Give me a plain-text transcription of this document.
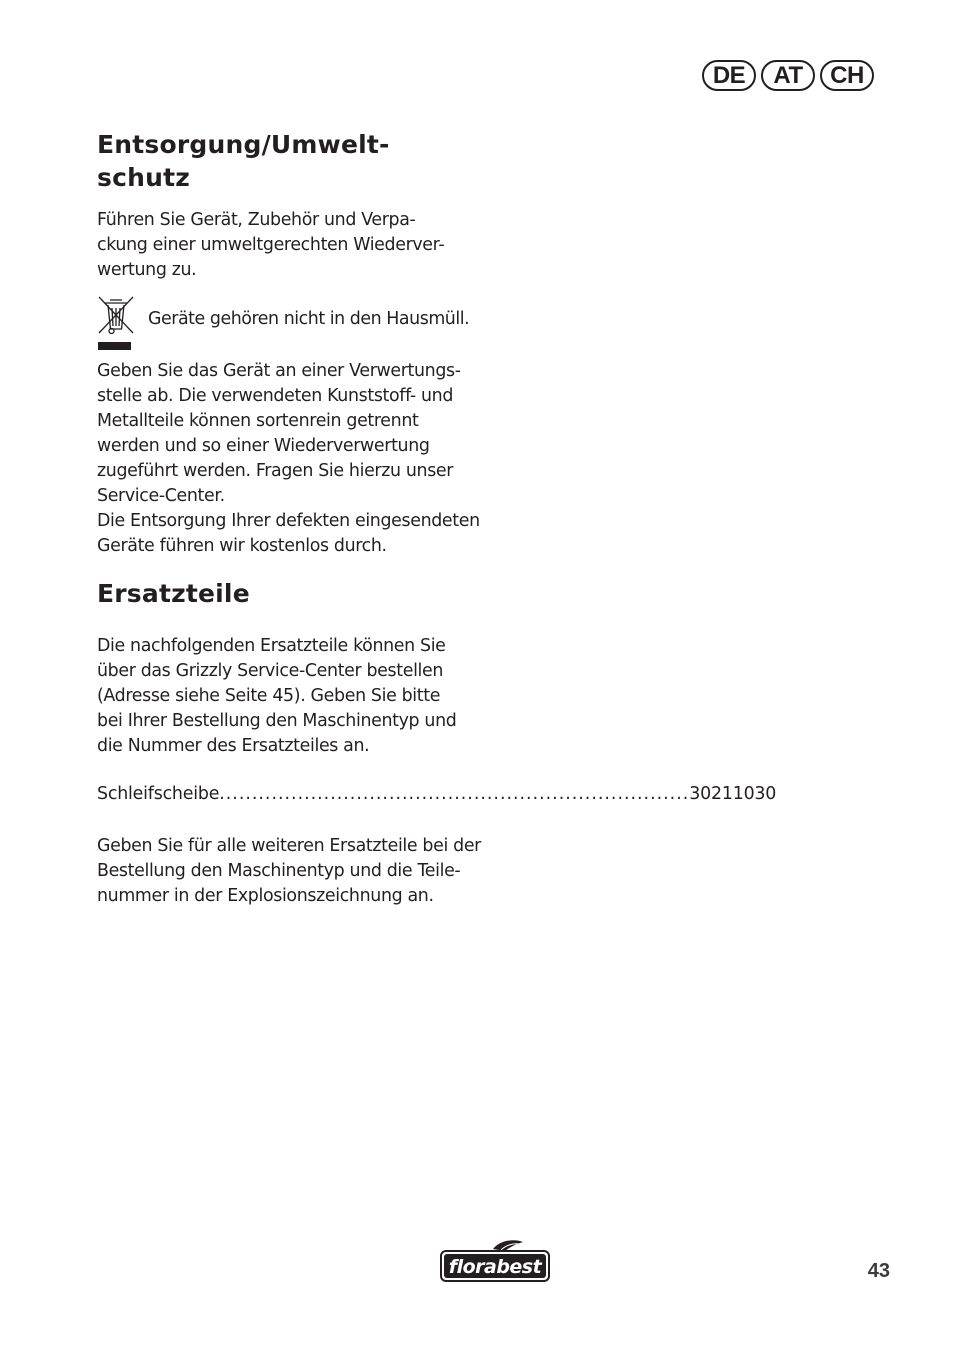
DE	AT	CH
Entsorgung/Umwelt-
schutz

Führen Sie Gerät, Zubehör und Verpa-
ckung einer umweltgerechten Wiederver-
wertung zu.

Geräte gehören nicht in den Hausmüll.

Geben Sie das Gerät an einer Verwertungs-
stelle ab. Die verwendeten Kunststoff- und
Metallteile können sortenrein getrennt
werden und so einer Wiederverwertung
zugeführt werden. Fragen Sie hierzu unser
Service-Center.
Die Entsorgung Ihrer defekten eingesendeten
Geräte führen wir kostenlos durch.

Ersatzteile

Die nachfolgenden Ersatzteile können Sie
über das Grizzly Service-Center bestellen
(Adresse siehe Seite 45). Geben Sie bitte
bei Ihrer Bestellung den Maschinentyp und
die Nummer des Ersatzteiles an.

Schleifscheibe ........................................................................ 30211030

Geben Sie für alle weiteren Ersatzteile bei der
Bestellung den Maschinentyp und die Teile-
nummer in der Explosionszeichnung an.

florabest	43
